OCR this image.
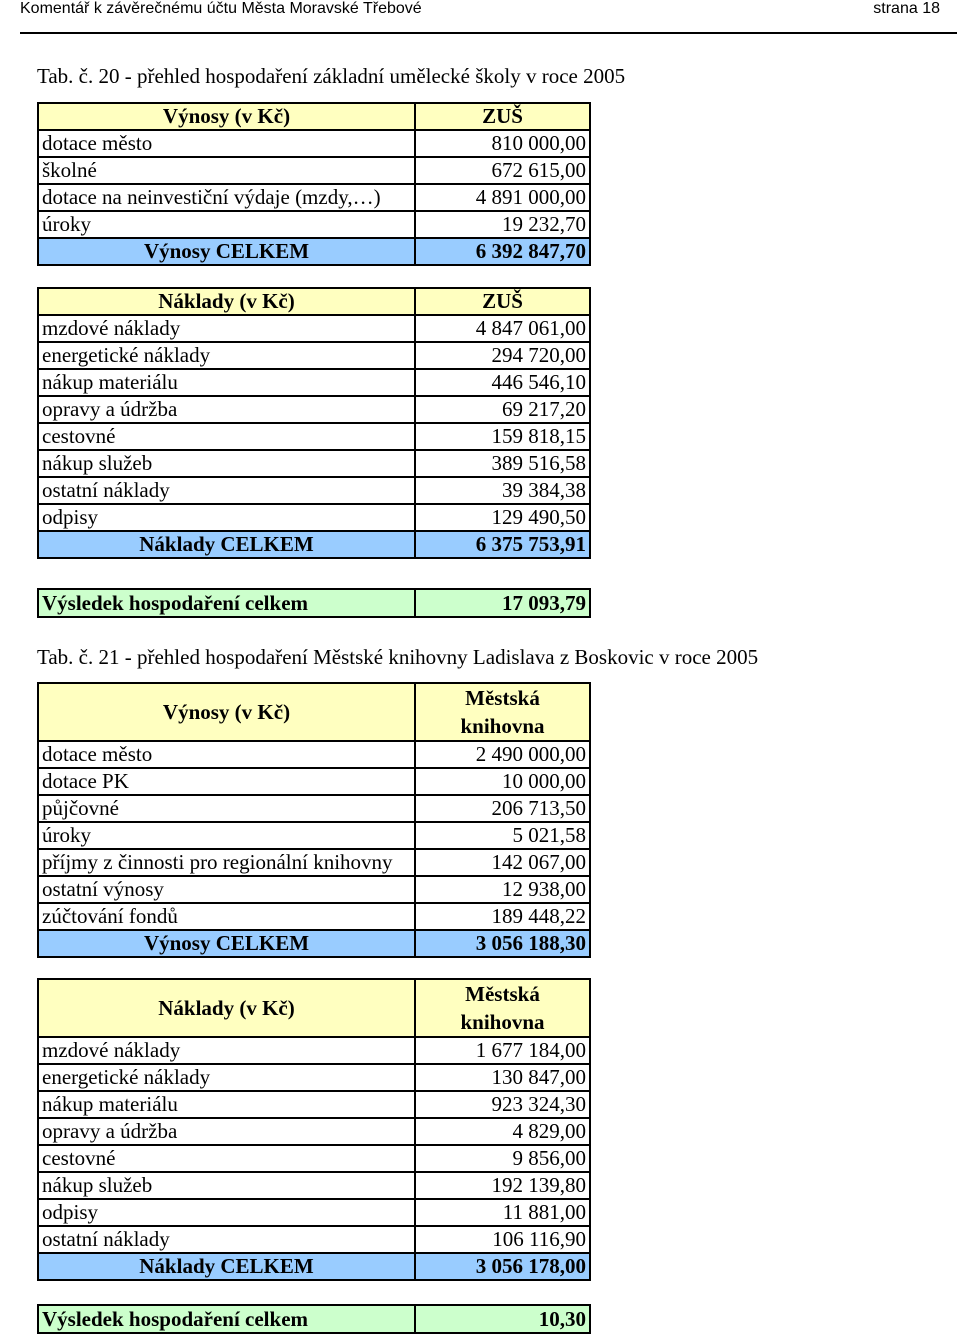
Komentář k závěrečnému účtu Města Moravské Třebové	strana 18
Tab. č. 20 - přehled hospodaření základní umělecké školy v roce 2005
Výnosy (v Kč)	ZUŠ
dotace město	810 000,00
školné	672 615,00
dotace na neinvestiční výdaje (mzdy,…)	4 891 000,00
úroky	19 232,70
Výnosy CELKEM	6 392 847,70
Náklady (v Kč)	ZUŠ
mzdové náklady	4 847 061,00
energetické náklady	294 720,00
nákup materiálu	446 546,10
opravy a údržba	69 217,20
cestovné	159 818,15
nákup služeb	389 516,58
ostatní náklady	39 384,38
odpisy	129 490,50
Náklady CELKEM	6 375 753,91
Výsledek hospodaření celkem	17 093,79
Tab. č. 21 - přehled hospodaření Městské knihovny Ladislava z Boskovic v roce 2005
Výnosy (v Kč)	Městská
knihovna

dotace město	2 490 000,00
dotace PK	10 000,00
půjčovné	206 713,50
úroky	5 021,58
příjmy z činnosti pro regionální knihovny	142 067,00
ostatní výnosy	12 938,00
zúčtování fondů	189 448,22
Výnosy CELKEM	3 056 188,30
Náklady (v Kč)	Městská
knihovna

mzdové náklady	1 677 184,00
energetické náklady	130 847,00
nákup materiálu	923 324,30
opravy a údržba	4 829,00
cestovné	9 856,00
nákup služeb	192 139,80
odpisy	11 881,00
ostatní náklady	106 116,90
Náklady CELKEM	3 056 178,00
Výsledek hospodaření celkem	10,30
